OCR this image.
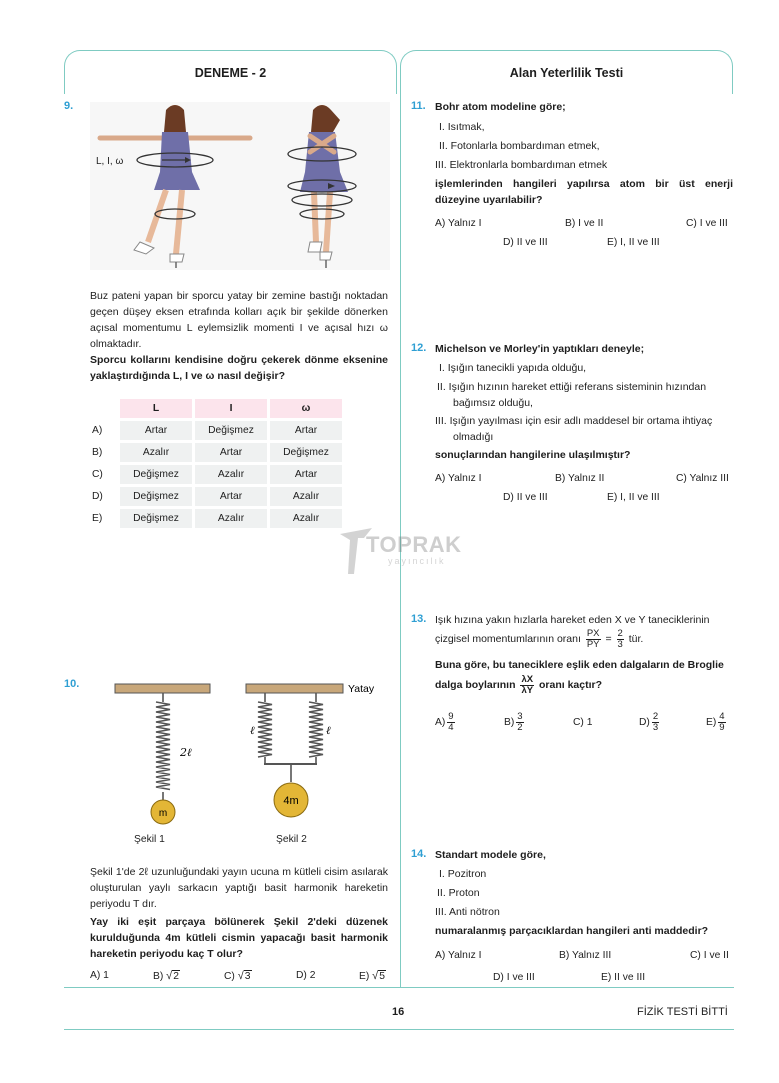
DENEME - 2	Alan Yeterlilik Testi
9.
L, I, ω
Buz pateni yapan bir sporcu yatay bir zemine bastığı noktadan geçen düşey eksen etrafında kolları açık bir şekilde dönerken açısal momentumu L eylemsizlik momenti I ve açısal hızı ω olmaktadır.
Sporcu kollarını kendisine doğru çekerek dönme eksenine yaklaştırdığında L, I ve ω nasıl değişir?
	L	I	ω
A)	Artar	Değişmez	Artar
B)	Azalır	Artar	Değişmez
C)	Değişmez	Azalır	Artar
D)	Değişmez	Artar	Azalır
E)	Değişmez	Azalır	Azalır
TOPRAK
yayıncılık
10.
m
2ℓ
4m
ℓ	ℓ
Yatay
Şekil 1	Şekil 2
Şekil 1'de 2ℓ uzunluğundaki yayın ucuna m kütleli cisim asılarak oluşturulan yaylı sarkacın yaptığı basit harmonik hareketin periyodu T dır.
Yay iki eşit parçaya bölünerek Şekil 2'deki düzenek kurulduğunda 4m kütleli cismin yapacağı basit harmonik hareketin periyodu kaç T olur?
A) 1	B) √2	C) √3	D) 2	E) √5
11. Bohr atom modeline göre;
I. Isıtmak,
II. Fotonlarla bombardıman etmek,
III. Elektronlarla bombardıman etmek
işlemlerinden hangileri yapılırsa atom bir üst enerji düzeyine uyarılabilir?
A) Yalnız I	B) I ve II	C) I ve III
D) II ve III	E) I, II ve III
12. Michelson ve Morley'in yaptıkları deneyle;
I. Işığın tanecikli yapıda olduğu,
II. Işığın hızının hareket ettiği referans sisteminin hızından
bağımsız olduğu,
III. Işığın yayılması için esir adlı maddesel bir ortama ihtiyaç
olmadığı
sonuçlarından hangilerine ulaşılmıştır?
A) Yalnız I	B) Yalnız II	C) Yalnız III
D) II ve III	E) I, II ve III
13. Işık hızına yakın hızlarla hareket eden X ve Y taneciklerinin
çizgisel momentumlarının oranı $\frac{PX}{PY} = \frac{2}{3}$ tür.
Buna göre, bu taneciklere eşlik eden dalgaların de Broglie
dalga boylarının $\frac{\lambda X}{\lambda Y}$ oranı kaçtır?
$A) \frac{9}{4}$	$B) \frac{3}{2}$	C) 1	$D) \frac{2}{3}$	$E) \frac{4}{9}$
14. Standart modele göre,
I. Pozitron
II. Proton
III. Anti nötron
numaralanmış parçacıklardan hangileri anti maddedir?
A) Yalnız I	B) Yalnız III	C) I ve II
D) I ve III	E) II ve III
16	FİZİK TESTİ BİTTİ
